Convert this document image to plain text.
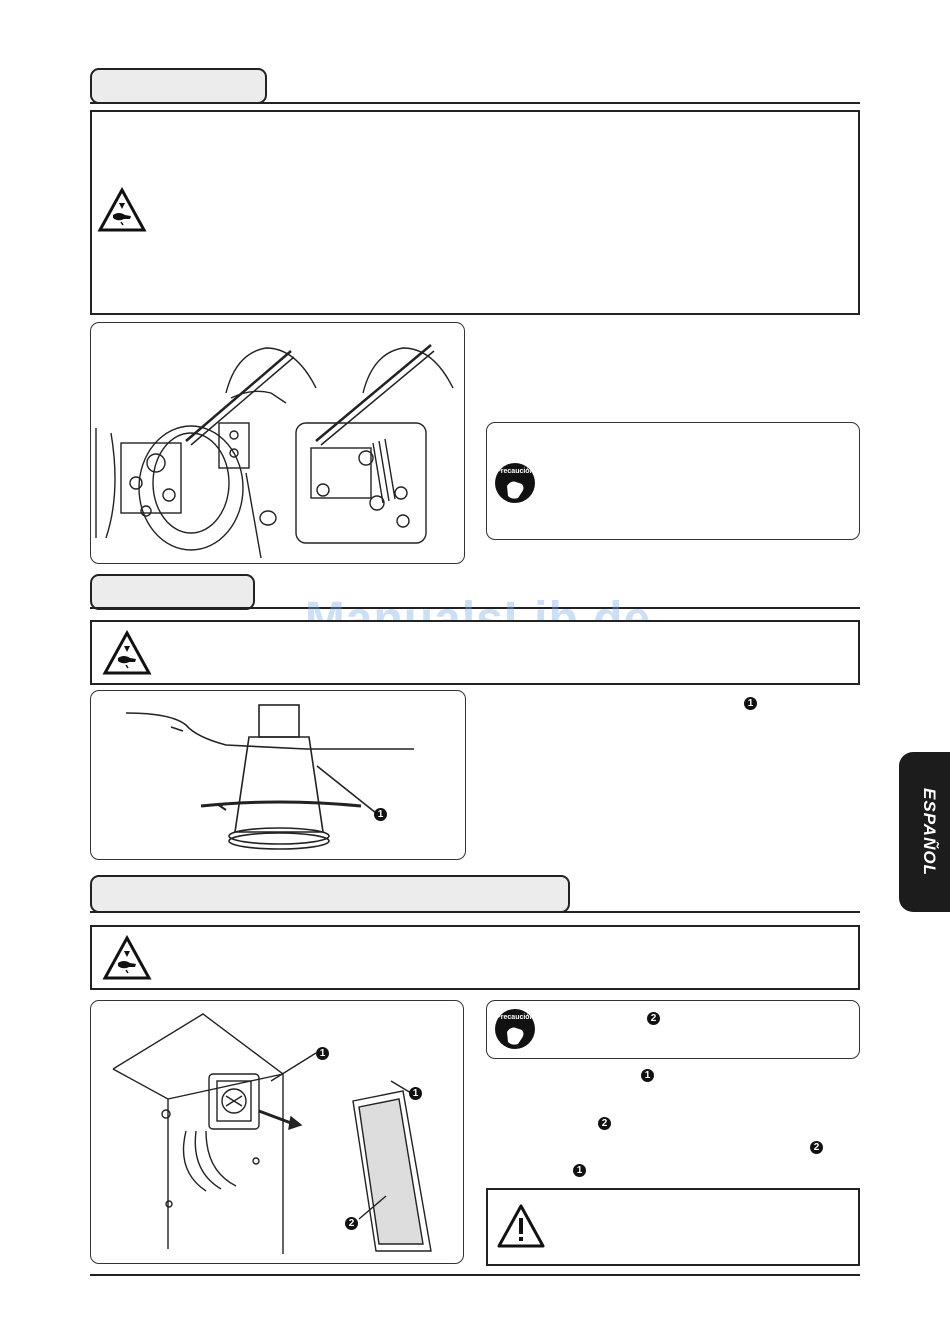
Precaución
1
1
1
1
2
Precaución	2
1
2
2
1
ESPAÑOL
